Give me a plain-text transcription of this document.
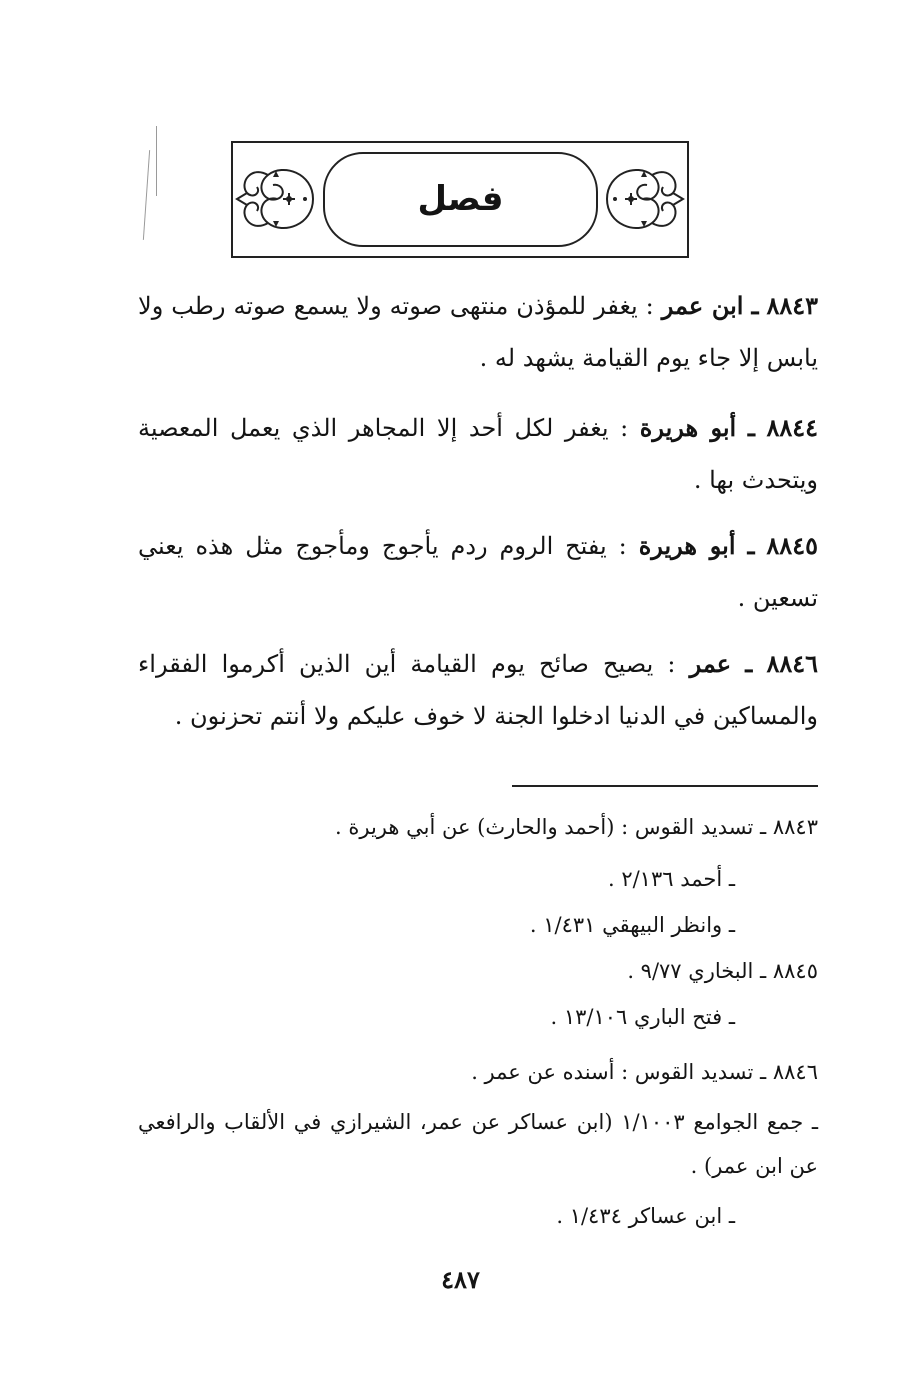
فصل
٨٨٤٣ ـ ابن عمر : يغفر للمؤذن منتهى صوته ولا يسمع صوته رطب ولا يابس إلا جاء يوم القيامة يشهد له .
٨٨٤٤ ـ أبو هريرة : يغفر لكل أحد إلا المجاهر الذي يعمل المعصية ويتحدث بها .
٨٨٤٥ ـ أبو هريرة : يفتح الروم ردم يأجوج ومأجوج مثل هذه يعني تسعين .
٨٨٤٦ ـ عمر : يصيح صائح يوم القيامة أين الذين أكرموا الفقراء والمساكين في الدنيا ادخلوا الجنة لا خوف عليكم ولا أنتم تحزنون .
٨٨٤٣ ـ تسديد القوس : (أحمد والحارث) عن أبي هريرة .
ـ أحمد ٢/١٣٦ .
ـ وانظر البيهقي ١/٤٣١ .
٨٨٤٥ ـ البخاري ٩/٧٧ .
ـ فتح الباري ١٣/١٠٦ .
٨٨٤٦ ـ تسديد القوس : أسنده عن عمر .
ـ جمع الجوامع ١/١٠٠٣ (ابن عساكر عن عمر، الشيرازي في الألقاب والرافعي عن ابن عمر) .
ـ ابن عساكر ١/٤٣٤ .
٤٨٧
